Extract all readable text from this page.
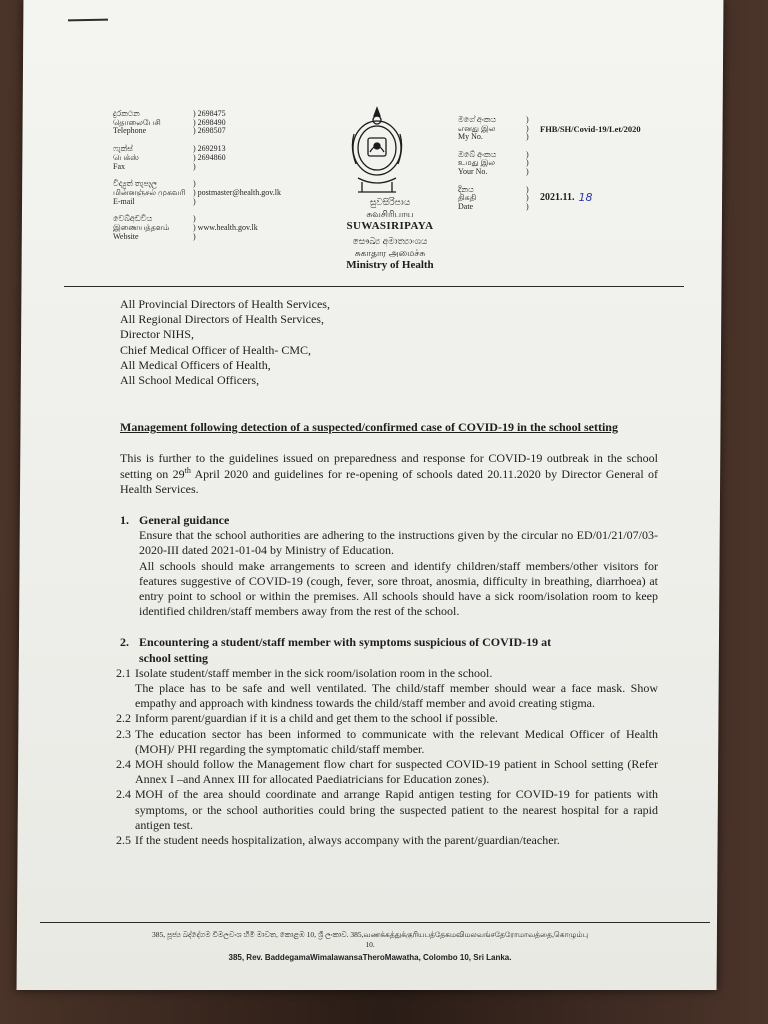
දුරකථන	) 2698475
தொலைபேசி	) 2698490
Telephone	) 2698507
ෆැක්ස්	) 2692913
பெக்ஸ்	) 2694860
Fax	)
විද්‍යුත් තැපෑල	)
மின்னஞ்சல் முகவரி ) postmaster@health.gov.lk
E-mail	)
වෙබ්අඩවිය	)
இணையத்தளம்	) www.health.gov.lk
Website	)
සුවසිරිපාය
சுவசிரிபாய
SUWASIRIPAYA
සෞඛ්‍ය අමාත්‍යාංශය
சுகாதார அமைச்சு
Ministry of Health
මගේ අංකය	)
எனது இல	)	FHB/SH/Covid-19/Let/2020
My No.	)
ඔබේ අංකය	)
உமது இல	)
Your No.	)
දිනය	)
திகதி	)	2021.11. 18
Date	)
All Provincial Directors of Health Services,
All Regional Directors of Health Services,
Director NIHS,
Chief Medical Officer of Health- CMC,
All Medical Officers of Health,
All School Medical Officers,
Management following detection of a suspected/confirmed case of COVID-19 in the school setting
This is further to the guidelines issued on preparedness and response for COVID-19 outbreak in the school setting on 29th April 2020 and guidelines for re-opening of schools dated 20.11.2020 by Director General of Health Services.
1. General guidance
Ensure that the school authorities are adhering to the instructions given by the circular no ED/01/21/07/03-2020-III dated 2021-01-04 by Ministry of Education.
All schools should make arrangements to screen and identify children/staff members/other visitors for features suggestive of COVID-19 (cough, fever, sore throat, anosmia, difficulty in breathing, diarrhoea) at entry point to school or within the premises. All schools should have a sick room/isolation room to keep identified children/staff members away from the rest of the school.
2. Encountering a student/staff member with symptoms suspicious of COVID-19 at
school setting
2.1 Isolate student/staff member in the sick room/isolation room in the school.
The place has to be safe and well ventilated. The child/staff member should wear a face mask. Show empathy and approach with kindness towards the child/staff member and avoid creating stigma.
2.2 Inform parent/guardian if it is a child and get them to the school if possible.
2.3 The education sector has been informed to communicate with the relevant Medical Officer of Health (MOH)/ PHI regarding the symptomatic child/staff member.
2.4 MOH should follow the Management flow chart for suspected COVID-19 patient in School setting (Refer Annex I –and Annex III for allocated Paediatricians for Education zones).
2.4 MOH of the area should coordinate and arrange Rapid antigen testing for COVID-19 for patients with symptoms, or the school authorities could bring the suspected patient to the nearest hospital for a rapid antigen test.
2.5 If the student needs hospitalization, always accompany with the parent/guardian/teacher.
385, පූජ්‍ය බද්දේගම විමලවංශ හිමි මාවත, කොළඹ 10, ශ්‍රී ලංකාව. 385,வணக்கத்துக்குரியபத்தேகமவிமலவங்சதேரோமாவத்தை,கொழும்பு
10.
385, Rev. BaddegamaWimalawansaTheroMawatha, Colombo 10, Sri Lanka.
